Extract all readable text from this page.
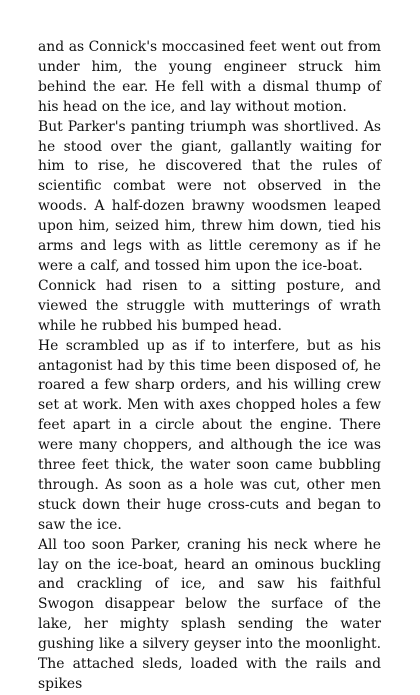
and as Connick's moccasined feet went out from under him, the young engineer struck him behind the ear. He fell with a dismal thump of his head on the ice, and lay without motion.

But Parker's panting triumph was shortlived. As he stood over the giant, gallantly waiting for him to rise, he discovered that the rules of scientific combat were not observed in the woods. A half-dozen brawny woodsmen leaped upon him, seized him, threw him down, tied his arms and legs with as little ceremony as if he were a calf, and tossed him upon the ice-boat.

Connick had risen to a sitting posture, and viewed the struggle with mutterings of wrath while he rubbed his bumped head.

He scrambled up as if to interfere, but as his antagonist had by this time been disposed of, he roared a few sharp orders, and his willing crew set at work. Men with axes chopped holes a few feet apart in a circle about the engine. There were many choppers, and although the ice was three feet thick, the water soon came bubbling through. As soon as a hole was cut, other men stuck down their huge cross-cuts and began to saw the ice.

All too soon Parker, craning his neck where he lay on the ice-boat, heard an ominous buckling and crackling of ice, and saw his faithful Swogon disappear below the surface of the lake, her mighty splash sending the water gushing like a silvery geyser into the moonlight. The attached sleds, loaded with the rails and spikes
